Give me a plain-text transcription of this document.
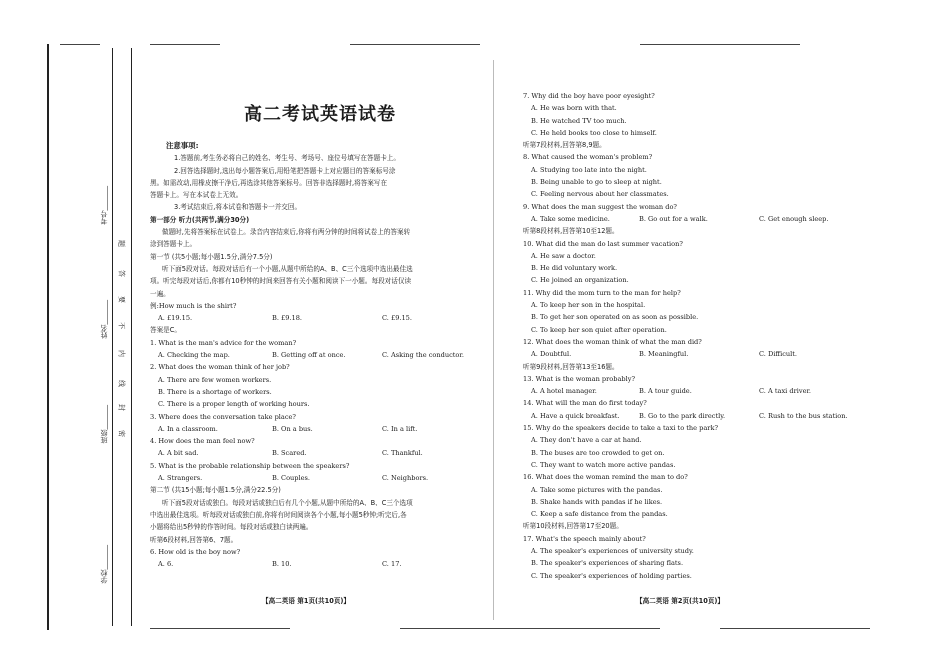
考号_______
姓名_______
班级_______
学校_______
题
答
要
不
内
线
封
密
高二考试英语试卷
注意事项:
1.答题前,考生务必将自己的姓名、考生号、考场号、座位号填写在答题卡上。
2.回答选择题时,选出每小题答案后,用铅笔把答题卡上对应题目的答案标号涂
黑。如需改动,用橡皮擦干净后,再选涂其他答案标号。回答非选择题时,将答案写在
答题卡上。写在本试卷上无效。
3.考试结束后,将本试卷和答题卡一并交回。
第一部分 听力(共两节,满分30分)
做题时,先将答案标在试卷上。录音内容结束后,你将有两分钟的时间将试卷上的答案转
涂到答题卡上。
第一节 (共5小题;每小题1.5分,满分7.5分)
听下面5段对话。每段对话后有一个小题,从题中所给的A、B、C三个选项中选出最佳选
项。听完每段对话后,你都有10秒钟的时间来回答有关小题和阅读下一小题。每段对话仅读
一遍。
例:How much is the shirt?
A. £19.15.	B. £9.18.	C. £9.15.
答案是C。
1. What is the man's advice for the woman?
A. Checking the map.	B. Getting off at once.	C. Asking the conductor.
2. What does the woman think of her job?
A. There are few women workers.
B. There is a shortage of workers.
C. There is a proper length of working hours.
3. Where does the conversation take place?
A. In a classroom.	B. On a bus.	C. In a lift.
4. How does the man feel now?
A. A bit sad.	B. Scared.	C. Thankful.
5. What is the probable relationship between the speakers?
A. Strangers.	B. Couples.	C. Neighbors.
第二节 (共15小题;每小题1.5分,满分22.5分)
听下面5段对话或独白。每段对话或独白后有几个小题,从题中所给的A、B、C三个选项
中选出最佳选项。听每段对话或独白前,你将有时间阅读各个小题,每小题5秒钟;听完后,各
小题将给出5秒钟的作答时间。每段对话或独白读两遍。
听第6段材料,回答第6、7题。
6. How old is the boy now?
A. 6.	B. 10.	C. 17.
7. Why did the boy have poor eyesight?
A. He was born with that.
B. He watched TV too much.
C. He held books too close to himself.
听第7段材料,回答第8,9题。
8. What caused the woman's problem?
A. Studying too late into the night.
B. Being unable to go to sleep at night.
C. Feeling nervous about her classmates.
9. What does the man suggest the woman do?
A. Take some medicine.	B. Go out for a walk.	C. Get enough sleep.
听第8段材料,回答第10至12题。
10. What did the man do last summer vacation?
A. He saw a doctor.
B. He did voluntary work.
C. He joined an organization.
11. Why did the mom turn to the man for help?
A. To keep her son in the hospital.
B. To get her son operated on as soon as possible.
C. To keep her son quiet after operation.
12. What does the woman think of what the man did?
A. Doubtful.	B. Meaningful.	C. Difficult.
听第9段材料,回答第13至16题。
13. What is the woman probably?
A. A hotel manager.	B. A tour guide.	C. A taxi driver.
14. What will the man do first today?
A. Have a quick breakfast.	B. Go to the park directly.	C. Rush to the bus station.
15. Why do the speakers decide to take a taxi to the park?
A. They don't have a car at hand.
B. The buses are too crowded to get on.
C. They want to watch more active pandas.
16. What does the woman remind the man to do?
A. Take some pictures with the pandas.
B. Shake hands with pandas if he likes.
C. Keep a safe distance from the pandas.
听第10段材料,回答第17至20题。
17. What's the speech mainly about?
A. The speaker's experiences of university study.
B. The speaker's experiences of sharing flats.
C. The speaker's experiences of holding parties.
【高二英语 第1页(共10页)】	【高二英语 第2页(共10页)】
